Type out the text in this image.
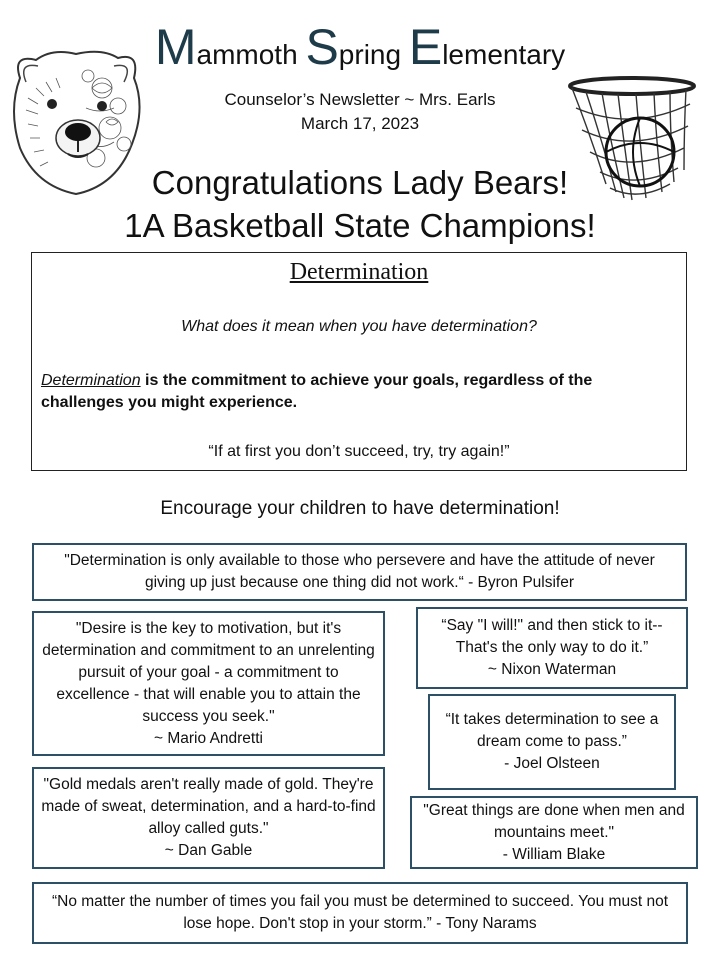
Mammoth Spring Elementary
Counselor’s Newsletter ~ Mrs. Earls
March 17, 2023
Congratulations Lady Bears!
1A Basketball State Champions!
Determination
What does it mean when you have determination?
Determination is the commitment to achieve your goals, regardless of the challenges you might experience.
“If at first you don’t succeed, try, try again!”
Encourage your children to have determination!
"Determination is only available to those who persevere and have the attitude of never giving up just because one thing did not work.“ - Byron Pulsifer
"Desire is the key to motivation, but it's determination and commitment to an unrelenting pursuit of your goal - a commitment to excellence - that will enable you to attain the success you seek."
~ Mario Andretti
“Say "I will!" and then stick to it--That's the only way to do it.”
~ Nixon Waterman
“It takes determination to see a dream come to pass.”
- Joel Olsteen
"Gold medals aren't really made of gold. They're made of sweat, determination, and a hard-to-find alloy called guts."
~ Dan Gable
"Great things are done when men and mountains meet."
- William Blake
“No matter the number of times you fail you must be determined to succeed. You must not lose hope. Don't stop in your storm.” - Tony Narams
